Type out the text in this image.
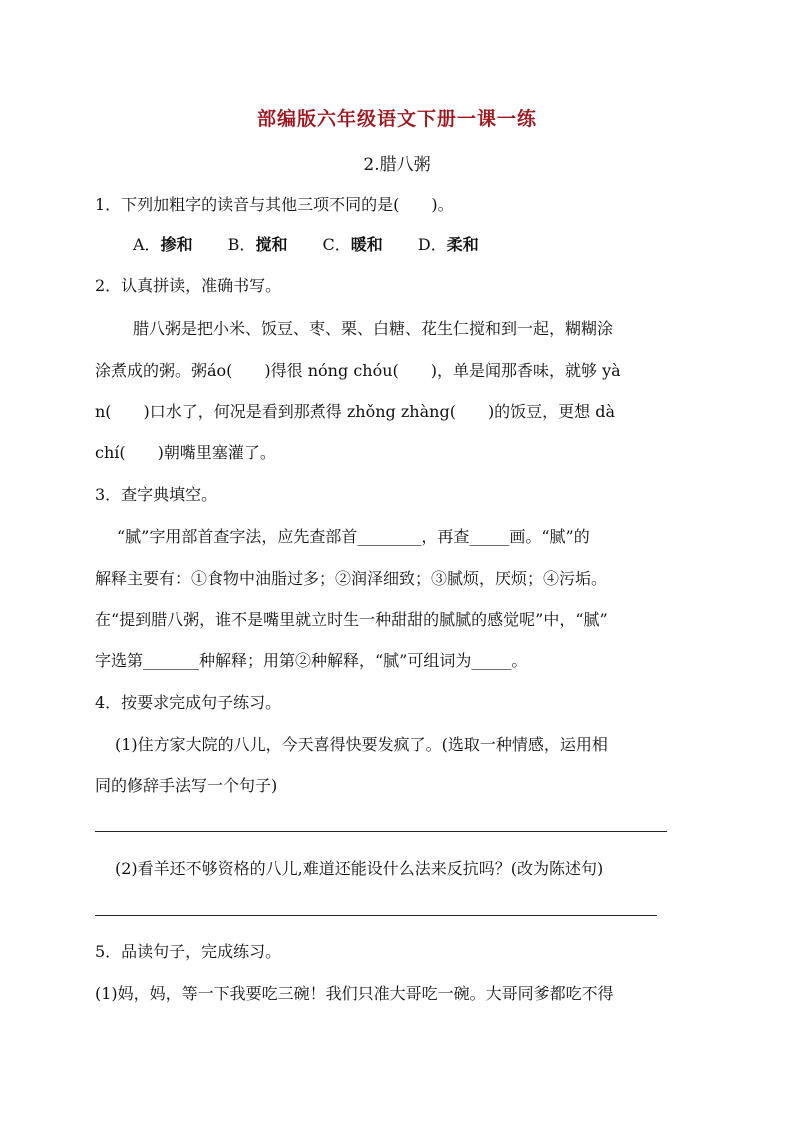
部编版六年级语文下册一课一练
2.腊八粥
1．下列加粗字的读音与其他三项不同的是(　　)。
A．掺和 B．搅和 C．暖和 D．柔和
2．认真拼读，准确书写。
腊八粥是把小米、饭豆、枣、栗、白糖、花生仁搅和到一起，糊糊涂
涂煮成的粥。粥áo(　　)得很 nóng chóu(　　)，单是闻那香味，就够 yà
n(　　)口水了，何况是看到那煮得 zhǒng zhàng(　　)的饭豆，更想 dà
chí(　　)朝嘴里塞灌了。
3．查字典填空。
“腻”字用部首查字法，应先查部首________，再查_____画。“腻”的
解释主要有：①食物中油脂过多；②润泽细致；③腻烦，厌烦；④污垢。
在“提到腊八粥，谁不是嘴里就立时生一种甜甜的腻腻的感觉呢”中，“腻”
字选第_______种解释；用第②种解释，“腻”可组词为_____。
4．按要求完成句子练习。
(1)住方家大院的八儿，今天喜得快要发疯了。(选取一种情感，运用相
同的修辞手法写一个句子)
(2)看羊还不够资格的八儿,难道还能设什么法来反抗吗？(改为陈述句)
5．品读句子，完成练习。
(1)妈，妈，等一下我要吃三碗！我们只准大哥吃一碗。大哥同爹都吃不得
